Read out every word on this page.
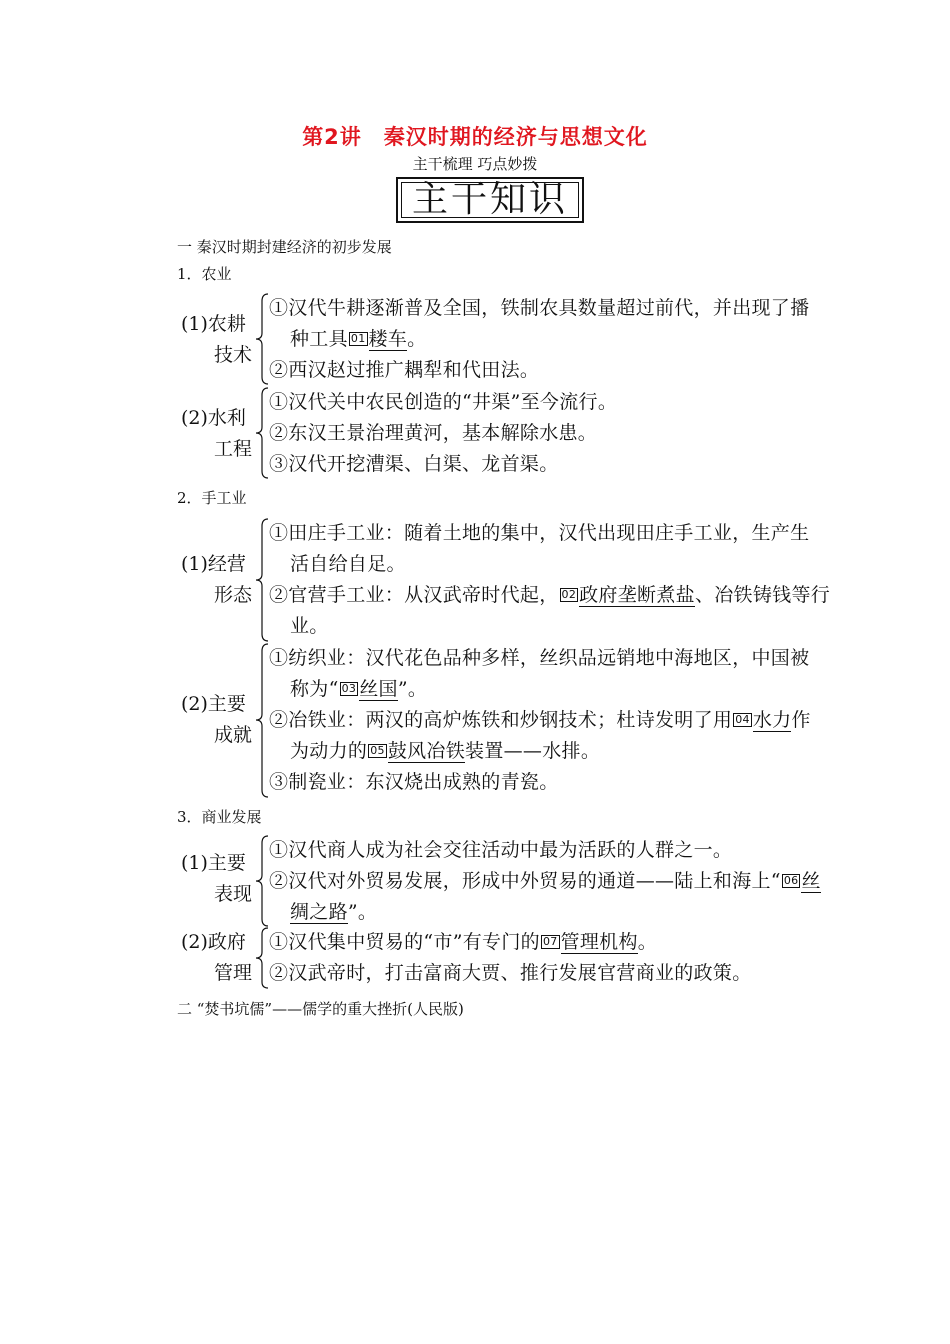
第2讲　秦汉时期的经济与思想文化
主干梳理 巧点妙拨
主干知识
一 秦汉时期封建经济的初步发展
1．农业
(1)农耕
技术
①汉代牛耕逐渐普及全国，铁制农具数量超过前代，并出现了播
种工具 01 耧车。
②西汉赵过推广耦犁和代田法。
(2)水利
工程
①汉代关中农民创造的“井渠”至今流行。
②东汉王景治理黄河，基本解除水患。
③汉代开挖漕渠、白渠、龙首渠。
2．手工业
(1)经营
形态
①田庄手工业：随着土地的集中，汉代出现田庄手工业，生产生
活自给自足。
②官营手工业：从汉武帝时代起， 02 政府垄断煮盐、冶铁铸钱等行
业。
(2)主要
成就
①纺织业：汉代花色品种多样，丝织品远销地中海地区，中国被
称为“ 03 丝国”。
②冶铁业：两汉的高炉炼铁和炒钢技术；杜诗发明了用 04 水力作
为动力的 05 鼓风冶铁装置——水排。
③制瓷业：东汉烧出成熟的青瓷。
3．商业发展
(1)主要
表现
①汉代商人成为社会交往活动中最为活跃的人群之一。
②汉代对外贸易发展，形成中外贸易的通道——陆上和海上“ 06 丝
绸之路”。
(2)政府
管理
①汉代集中贸易的“市”有专门的 07 管理机构。
②汉武帝时，打击富商大贾、推行发展官营商业的政策。
二 “焚书坑儒”——儒学的重大挫折(人民版)
